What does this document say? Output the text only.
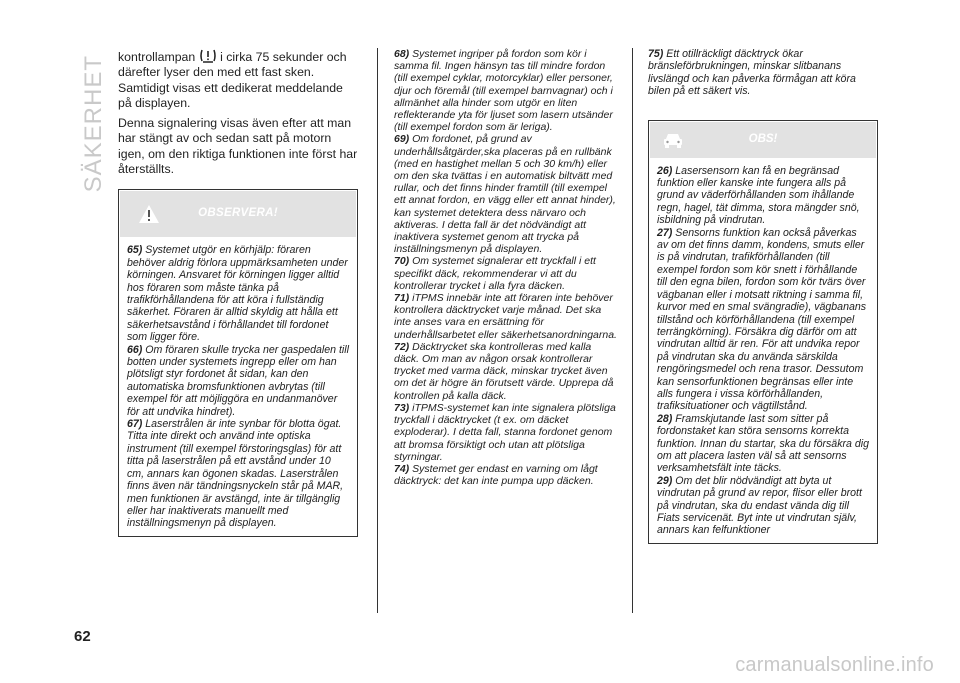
SÄKERHET
62

kontrollampan i cirka 75 sekunder och därefter lyser den med ett fast sken. Samtidigt visas ett dedikerat meddelande på displayen.

Denna signalering visas även efter att man har stängt av och sedan satt på motorn igen, om den riktiga funktionen inte först har återställts.

OBSERVERA!

65) Systemet utgör en körhjälp: föraren behöver aldrig förlora uppmärksamheten under körningen. Ansvaret för körningen ligger alltid hos föraren som måste tänka på trafikförhållandena för att köra i fullständig säkerhet. Föraren är alltid skyldig att hålla ett säkerhetsavstånd i förhållandet till fordonet som ligger före.

66) Om föraren skulle trycka ner gaspedalen till botten under systemets ingrepp eller om han plötsligt styr fordonet åt sidan, kan den automatiska bromsfunktionen avbrytas (till exempel för att möjliggöra en undanmanöver för att undvika hindret).

67) Laserstrålen är inte synbar för blotta ögat. Titta inte direkt och använd inte optiska instrument (till exempel förstoringsglas) för att titta på laserstrålen på ett avstånd under 10 cm, annars kan ögonen skadas. Laserstrålen finns även när tändningsnyckeln står på MAR, men funktionen är avstängd, inte är tillgänglig eller har inaktiverats manuellt med inställningsmenyn på displayen.

68) Systemet ingriper på fordon som kör i samma fil. Ingen hänsyn tas till mindre fordon (till exempel cyklar, motorcyklar) eller personer, djur och föremål (till exempel barnvagnar) och i allmänhet alla hinder som utgör en liten reflekterande yta för ljuset som lasern utsänder (till exempel fordon som är leriga).

69) Om fordonet, på grund av underhållsåtgärder,ska placeras på en rullbänk (med en hastighet mellan 5 och 30 km/h) eller om den ska tvättas i en automatisk biltvätt med rullar, och det finns hinder framtill (till exempel ett annat fordon, en vägg eller ett annat hinder), kan systemet detektera dess närvaro och aktiveras. I detta fall är det nödvändigt att inaktivera systemet genom att trycka på inställningsmenyn på displayen.

70) Om systemet signalerar ett tryckfall i ett specifikt däck, rekommenderar vi att du kontrollerar trycket i alla fyra däcken.

71) iTPMS innebär inte att föraren inte behöver kontrollera däcktrycket varje månad. Det ska inte anses vara en ersättning för underhållsarbetet eller säkerhetsanordningarna.

72) Däcktrycket ska kontrolleras med kalla däck. Om man av någon orsak kontrollerar trycket med varma däck, minskar trycket även om det är högre än förutsett värde. Upprepa då kontrollen på kalla däck.

73) iTPMS-systemet kan inte signalera plötsliga tryckfall i däcktrycket (t ex. om däcket exploderar). I detta fall, stanna fordonet genom att bromsa försiktigt och utan att plötsliga styrningar.

74) Systemet ger endast en varning om lågt däcktryck: det kan inte pumpa upp däcken.

75) Ett otillräckligt däcktryck ökar bränsleförbrukningen, minskar slitbanans livslängd och kan påverka förmågan att köra bilen på ett säkert vis.

OBS!

26) Lasersensorn kan få en begränsad funktion eller kanske inte fungera alls på grund av väderförhållanden som ihållande regn, hagel, tät dimma, stora mängder snö, isbildning på vindrutan.

27) Sensorns funktion kan också påverkas av om det finns damm, kondens, smuts eller is på vindrutan, trafikförhållanden (till exempel fordon som kör snett i förhållande till den egna bilen, fordon som kör tvärs över vägbanan eller i motsatt riktning i samma fil, kurvor med en smal svängradie), vägbanans tillstånd och körförhållandena (till exempel terrängkörning). Försäkra dig därför om att vindrutan alltid är ren. För att undvika repor på vindrutan ska du använda särskilda rengöringsmedel och rena trasor. Dessutom kan sensorfunktionen begränsas eller inte alls fungera i vissa körförhållanden, trafiksituationer och vägtillstånd.

28) Framskjutande last som sitter på fordonstaket kan störa sensorns korrekta funktion. Innan du startar, ska du försäkra dig om att placera lasten väl så att sensorns verksamhetsfält inte täcks.

29) Om det blir nödvändigt att byta ut vindrutan på grund av repor, flisor eller brott på vindrutan, ska du endast vända dig till Fiats servicenät. Byt inte ut vindrutan själv, annars kan felfunktioner

carmanualsonline.info
